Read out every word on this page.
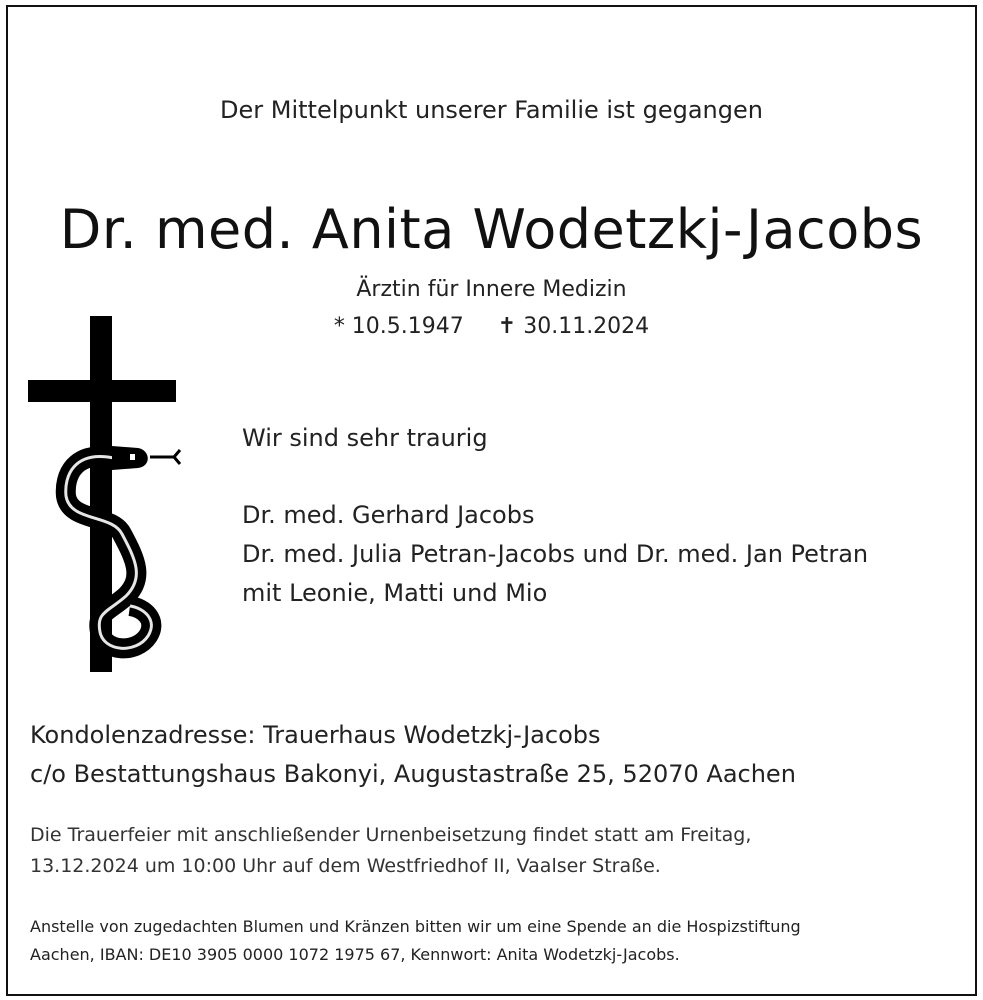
Der Mittelpunkt unserer Familie ist gegangen
Dr. med. Anita Wodetzkj-Jacobs
Ärztin für Innere Medizin
* 10.5.1947 ✝ 30.11.2024
Wir sind sehr traurig
Dr. med. Gerhard Jacobs
Dr. med. Julia Petran-Jacobs und Dr. med. Jan Petran
mit Leonie, Matti und Mio
Kondolenzadresse: Trauerhaus Wodetzkj-Jacobs
c/o Bestattungshaus Bakonyi, Augustastraße 25, 52070 Aachen
Die Trauerfeier mit anschließender Urnenbeisetzung findet statt am Freitag,
13.12.2024 um 10:00 Uhr auf dem Westfriedhof II, Vaalser Straße.
Anstelle von zugedachten Blumen und Kränzen bitten wir um eine Spende an die Hospizstiftung
Aachen, IBAN: DE10 3905 0000 1072 1975 67, Kennwort: Anita Wodetzkj-Jacobs.
